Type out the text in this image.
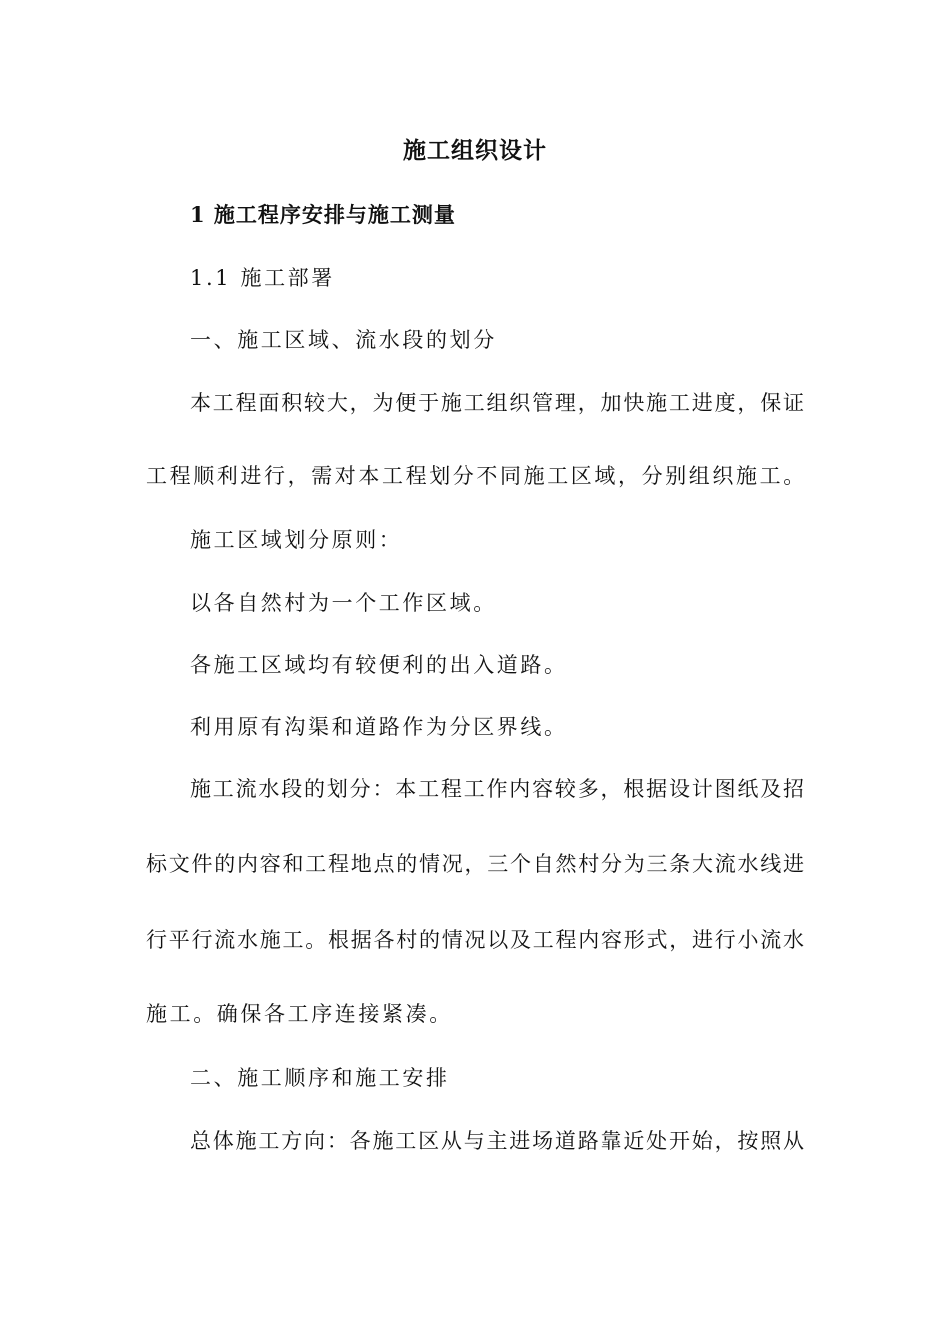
施工组织设计
1 施工程序安排与施工测量
1.1 施工部署
一、施工区域、流水段的划分
本工程面积较大，为便于施工组织管理，加快施工进度，保证
工程顺利进行，需对本工程划分不同施工区域，分别组织施工。
施工区域划分原则：
以各自然村为一个工作区域。
各施工区域均有较便利的出入道路。
利用原有沟渠和道路作为分区界线。
施工流水段的划分：本工程工作内容较多，根据设计图纸及招
标文件的内容和工程地点的情况，三个自然村分为三条大流水线进
行平行流水施工。根据各村的情况以及工程内容形式，进行小流水
施工。确保各工序连接紧凑。
二、施工顺序和施工安排
总体施工方向：各施工区从与主进场道路靠近处开始，按照从
